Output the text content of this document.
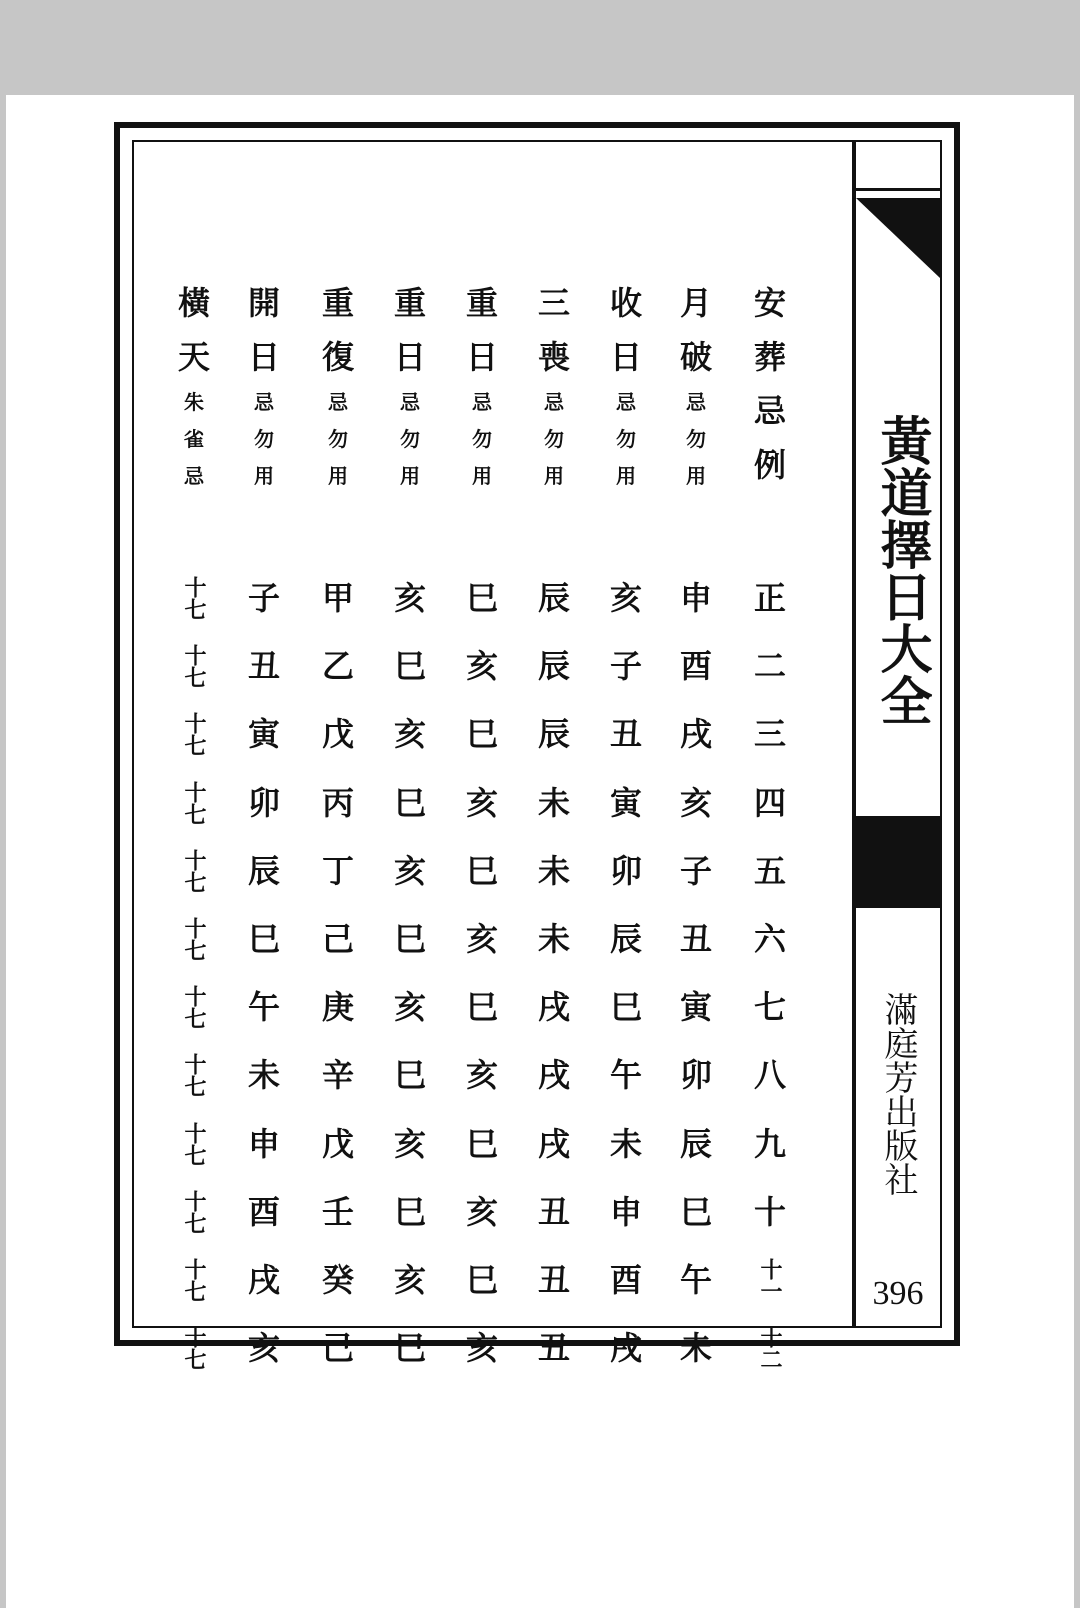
黃道擇日大全
滿庭芳出版社
396
安
葬
忌
例
正
二
三
四
五
六
七
八
九
十
十一
十二
月
破
忌
勿
用
申
酉
戌
亥
子
丑
寅
卯
辰
巳
午
未
收
日
忌
勿
用
亥
子
丑
寅
卯
辰
巳
午
未
申
酉
戌
三
喪
忌
勿
用
辰
辰
辰
未
未
未
戌
戌
戌
丑
丑
丑
重
日
忌
勿
用
巳
亥
巳
亥
巳
亥
巳
亥
巳
亥
巳
亥
重
日
忌
勿
用
亥
巳
亥
巳
亥
巳
亥
巳
亥
巳
亥
巳
重
復
忌
勿
用
甲
乙
戊
丙
丁
己
庚
辛
戊
壬
癸
己
開
日
忌
勿
用
子
丑
寅
卯
辰
巳
午
未
申
酉
戌
亥
橫
天
朱
雀
忌
十七
十七
十七
十七
十七
十七
十七
十七
十七
十七
十七
十七
